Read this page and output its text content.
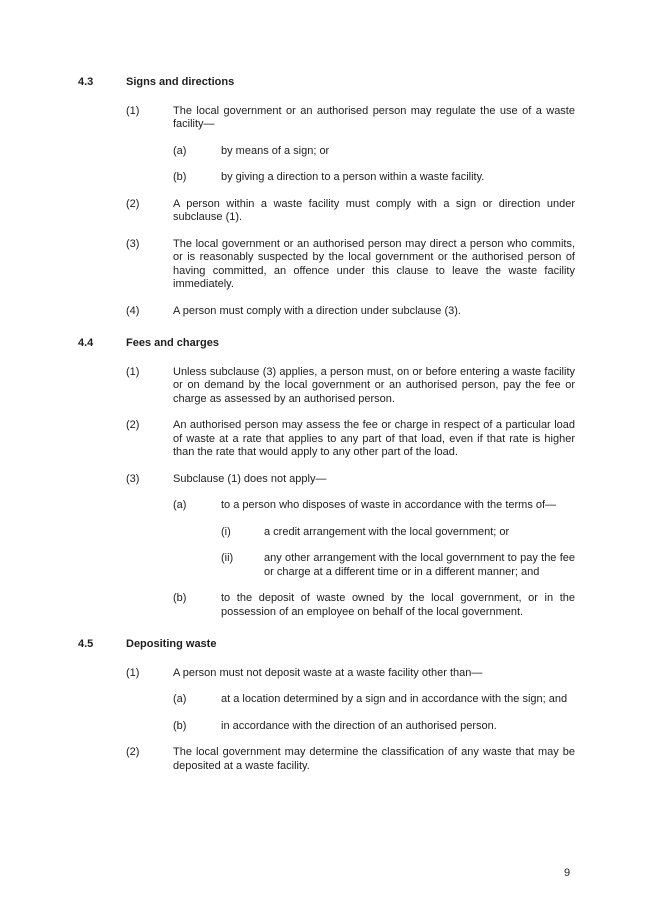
4.3	Signs and directions
(1)	The local government or an authorised person may regulate the use of a waste facility—

(a)	by means of a sign; or

(b)	by giving a direction to a person within a waste facility.

(2)	A person within a waste facility must comply with a sign or direction under subclause (1).

(3)	The local government or an authorised person may direct a person who commits, or is reasonably suspected by the local government or the authorised person of having committed, an offence under this clause to leave the waste facility immediately.

(4)	A person must comply with a direction under subclause (3).

4.4	Fees and charges
(1)	Unless subclause (3) applies, a person must, on or before entering a waste facility or on demand by the local government or an authorised person, pay the fee or charge as assessed by an authorised person.

(2)	An authorised person may assess the fee or charge in respect of a particular load of waste at a rate that applies to any part of that load, even if that rate is higher than the rate that would apply to any other part of the load.

(3)	Subclause (1) does not apply—

(a)	to a person who disposes of waste in accordance with the terms of—

(i)	a credit arrangement with the local government; or

(ii)	any other arrangement with the local government to pay the fee or charge at a different time or in a different manner; and

(b)	to the deposit of waste owned by the local government, or in the possession of an employee on behalf of the local government.

4.5	Depositing waste
(1)	A person must not deposit waste at a waste facility other than—

(a)	at a location determined by a sign and in accordance with the sign; and

(b)	in accordance with the direction of an authorised person.

(2)	The local government may determine the classification of any waste that may be deposited at a waste facility.

9
